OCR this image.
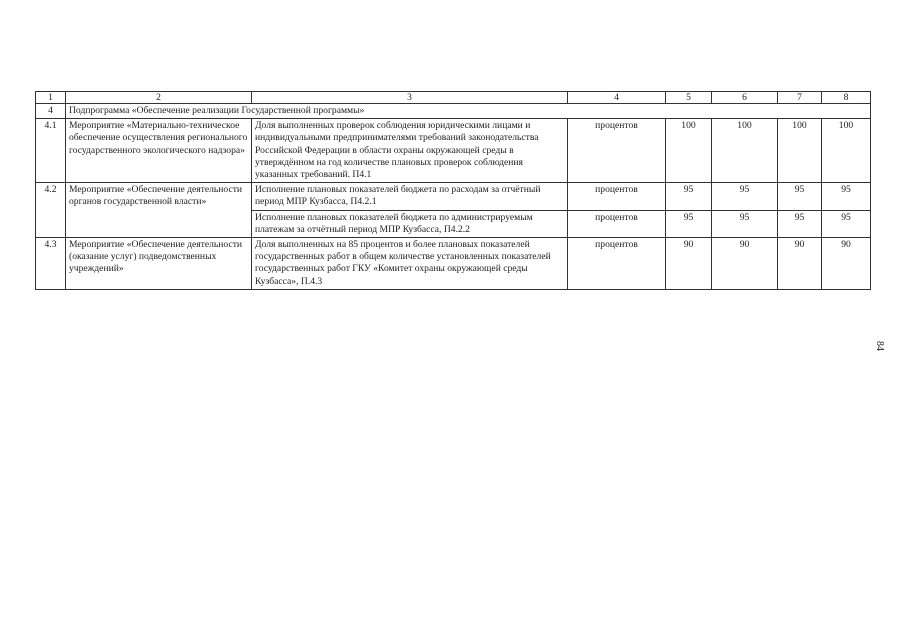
1	2	3	4	5	6	7	8
4	Подпрограмма «Обеспечение реализации Государственной программы»						
4.1	Мероприятие «Материально-техническое обеспечение осуществления регионального государственного экологического надзора»	Доля выполненных проверок соблюдения юридическими лицами и индивидуальными предпринимателями требований законодательства Российской Федерации в области охраны окружающей среды в утверждённом на год количестве плановых проверок соблюдения указанных требований. П4.1	процентов	100	100	100	100
4.2	Мероприятие «Обеспечение деятельности органов государственной власти»	Исполнение плановых показателей бюджета по расходам за отчётный период МПР Кузбасса, П4.2.1	процентов	95	95	95	95
		Исполнение плановых показателей бюджета по администрируемым платежам за отчётный период МПР Кузбасса, П4.2.2	процентов	95	95	95	95
4.3	Мероприятие «Обеспечение деятельности (оказание услуг) подведомственных учреждений»	Доля выполненных на 85 процентов и более плановых показателей государственных работ в общем количестве установленных показателей государственных работ ГКУ «Комитет охраны окружающей среды Кузбасса», П.4.3	процентов	90	90	90	90
84
